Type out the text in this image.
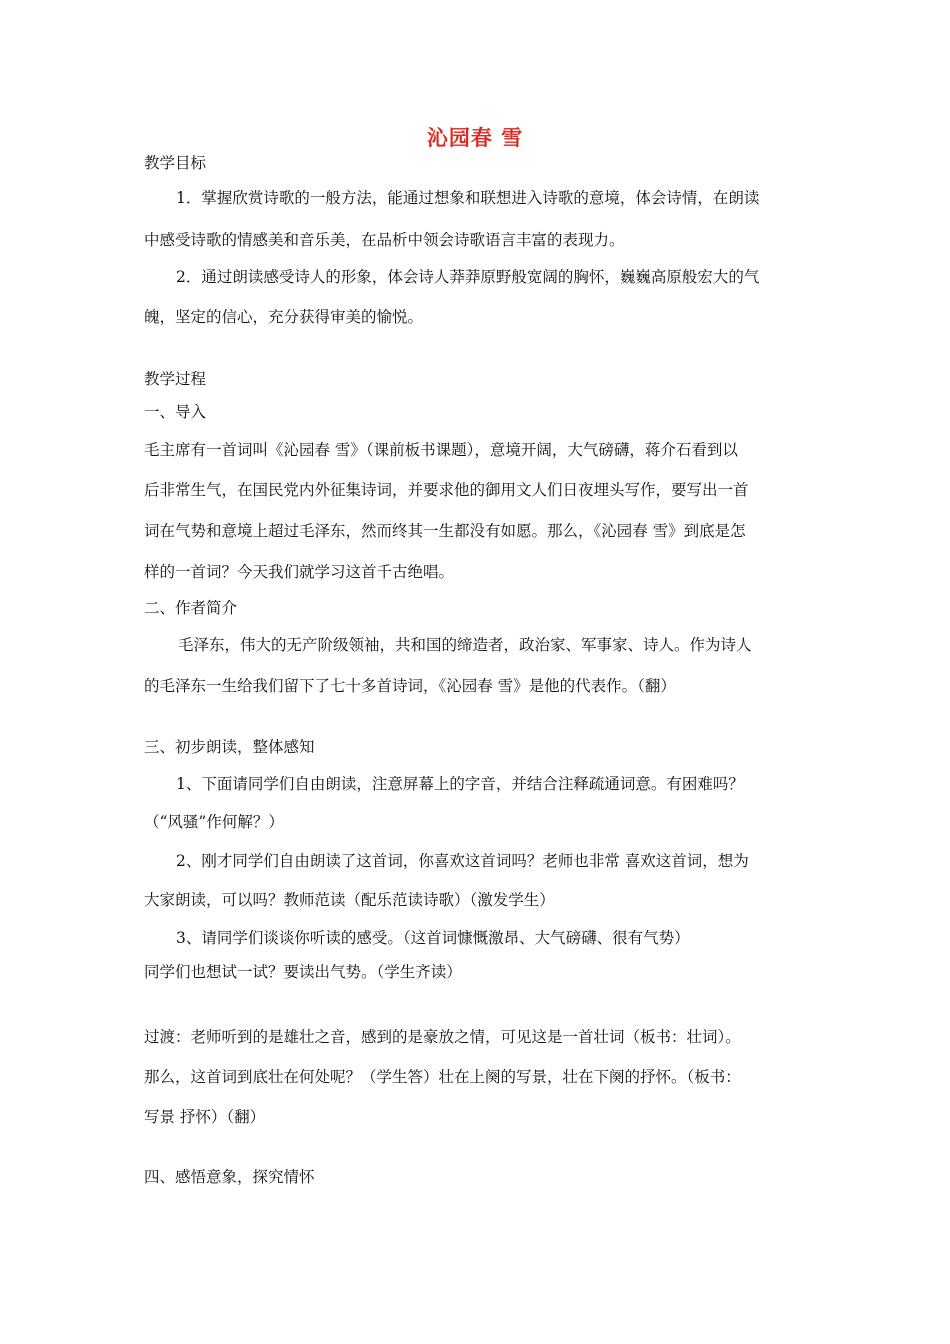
沁园春 雪
教学目标
1．掌握欣赏诗歌的一般方法，能通过想象和联想进入诗歌的意境，体会诗情，在朗读
中感受诗歌的情感美和音乐美，在品析中领会诗歌语言丰富的表现力。
2．通过朗读感受诗人的形象，体会诗人莽莽原野般宽阔的胸怀，巍巍高原般宏大的气
魄，坚定的信心，充分获得审美的愉悦。
教学过程
一、导入
毛主席有一首词叫《沁园春 雪》（课前板书课题），意境开阔，大气磅礴，蒋介石看到以
后非常生气，在国民党内外征集诗词，并要求他的御用文人们日夜埋头写作，要写出一首
词在气势和意境上超过毛泽东，然而终其一生都没有如愿。那么，《沁园春 雪》到底是怎
样的一首词？今天我们就学习这首千古绝唱。
二、作者简介
毛泽东，伟大的无产阶级领袖，共和国的缔造者，政治家、军事家、诗人。作为诗人
的毛泽东一生给我们留下了七十多首诗词，《沁园春 雪》是他的代表作。（翻）
三、初步朗读，整体感知
1、下面请同学们自由朗读，注意屏幕上的字音，并结合注释疏通词意。有困难吗？
（“风骚”作何解？）
2、刚才同学们自由朗读了这首词，你喜欢这首词吗？老师也非常 喜欢这首词，想为
大家朗读，可以吗？教师范读（配乐范读诗歌）（激发学生）
3、请同学们谈谈你听读的感受。（这首词慷慨激昂、大气磅礴、很有气势）
同学们也想试一试？要读出气势。（学生齐读）
过渡：老师听到的是雄壮之音，感到的是豪放之情，可见这是一首壮词（板书：壮词）。
那么，这首词到底壮在何处呢？（学生答）壮在上阕的写景，壮在下阕的抒怀。（板书：
写景 抒怀）（翻）
四、感悟意象，探究情怀
